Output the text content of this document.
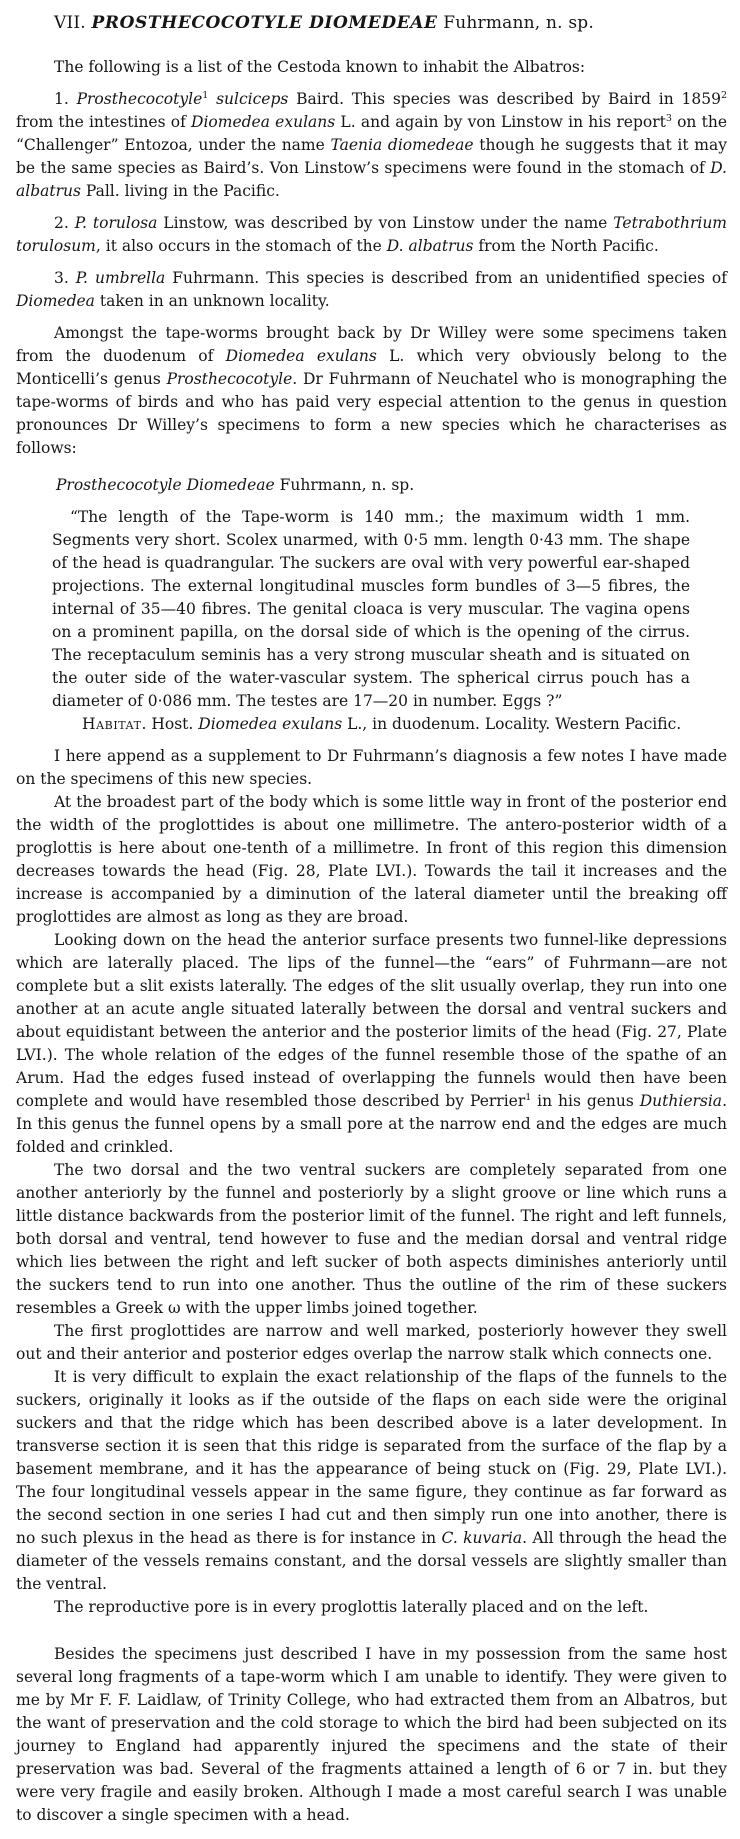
VII. PROSTHECOCOTYLE DIOMEDEAE Fuhrmann, n. sp.

The following is a list of the Cestoda known to inhabit the Albatros:

1. Prosthecocotyle$^1$ sulciceps Baird. This species was described by Baird in 1859$^2$ from the intestines of Diomedea exulans L. and again by von Linstow in his report$^3$ on the “Challenger” Entozoa, under the name Taenia diomedeae though he suggests that it may be the same species as Baird’s. Von Linstow’s specimens were found in the stomach of D. albatrus Pall. living in the Pacific.

2. P. torulosa Linstow, was described by von Linstow under the name Tetrabothrium torulosum, it also occurs in the stomach of the D. albatrus from the North Pacific.

3. P. umbrella Fuhrmann. This species is described from an unidentified species of Diomedea taken in an unknown locality.

Amongst the tape-worms brought back by Dr Willey were some specimens taken from the duodenum of Diomedea exulans L. which very obviously belong to the Monticelli’s genus Prosthecocotyle. Dr Fuhrmann of Neuchatel who is monographing the tape-worms of birds and who has paid very especial attention to the genus in question pronounces Dr Willey’s specimens to form a new species which he characterises as follows:

Prosthecocotyle Diomedeae Fuhrmann, n. sp.

“The length of the Tape-worm is 140 mm.; the maximum width 1 mm. Segments very short. Scolex unarmed, with 0·5 mm. length 0·43 mm. The shape of the head is quadrangular. The suckers are oval with very powerful ear-shaped projections. The external longitudinal muscles form bundles of 3—5 fibres, the internal of 35—40 fibres. The genital cloaca is very muscular. The vagina opens on a prominent papilla, on the dorsal side of which is the opening of the cirrus. The receptaculum seminis has a very strong muscular sheath and is situated on the outer side of the water-vascular system. The spherical cirrus pouch has a diameter of 0·086 mm. The testes are 17—20 in number. Eggs ?”

Habitat. Host. Diomedea exulans L., in duodenum. Locality. Western Pacific.

I here append as a supplement to Dr Fuhrmann’s diagnosis a few notes I have made on the specimens of this new species.

At the broadest part of the body which is some little way in front of the posterior end the width of the proglottides is about one millimetre. The antero-posterior width of a proglottis is here about one-tenth of a millimetre. In front of this region this dimension decreases towards the head (Fig. 28, Plate LVI.). Towards the tail it increases and the increase is accompanied by a diminution of the lateral diameter until the breaking off proglottides are almost as long as they are broad.

Looking down on the head the anterior surface presents two funnel-like depressions which are laterally placed. The lips of the funnel—the “ears” of Fuhrmann—are not complete but a slit exists laterally. The edges of the slit usually overlap, they run into one another at an acute angle situated laterally between the dorsal and ventral suckers and about equidistant between the anterior and the posterior limits of the head (Fig. 27, Plate LVI.). The whole relation of the edges of the funnel resemble those of the spathe of an Arum. Had the edges fused instead of overlapping the funnels would then have been complete and would have resembled those described by Perrier$^1$ in his genus Duthiersia. In this genus the funnel opens by a small pore at the narrow end and the edges are much folded and crinkled.

The two dorsal and the two ventral suckers are completely separated from one another anteriorly by the funnel and posteriorly by a slight groove or line which runs a little distance backwards from the posterior limit of the funnel. The right and left funnels, both dorsal and ventral, tend however to fuse and the median dorsal and ventral ridge which lies between the right and left sucker of both aspects diminishes anteriorly until the suckers tend to run into one another. Thus the outline of the rim of these suckers resembles a Greek ω with the upper limbs joined together.

The first proglottides are narrow and well marked, posteriorly however they swell out and their anterior and posterior edges overlap the narrow stalk which connects one.

It is very difficult to explain the exact relationship of the flaps of the funnels to the suckers, originally it looks as if the outside of the flaps on each side were the original suckers and that the ridge which has been described above is a later development. In transverse section it is seen that this ridge is separated from the surface of the flap by a basement membrane, and it has the appearance of being stuck on (Fig. 29, Plate LVI.). The four longitudinal vessels appear in the same figure, they continue as far forward as the second section in one series I had cut and then simply run one into another, there is no such plexus in the head as there is for instance in C. kuvaria. All through the head the diameter of the vessels remains constant, and the dorsal vessels are slightly smaller than the ventral.

The reproductive pore is in every proglottis laterally placed and on the left.

Besides the specimens just described I have in my possession from the same host several long fragments of a tape-worm which I am unable to identify. They were given to me by Mr F. F. Laidlaw, of Trinity College, who had extracted them from an Albatros, but the want of preservation and the cold storage to which the bird had been subjected on its journey to England had apparently injured the specimens and the state of their preservation was bad. Several of the fragments attained a length of 6 or 7 in. but they were very fragile and easily broken. Although I made a most careful search I was unable to discover a single specimen with a head.
